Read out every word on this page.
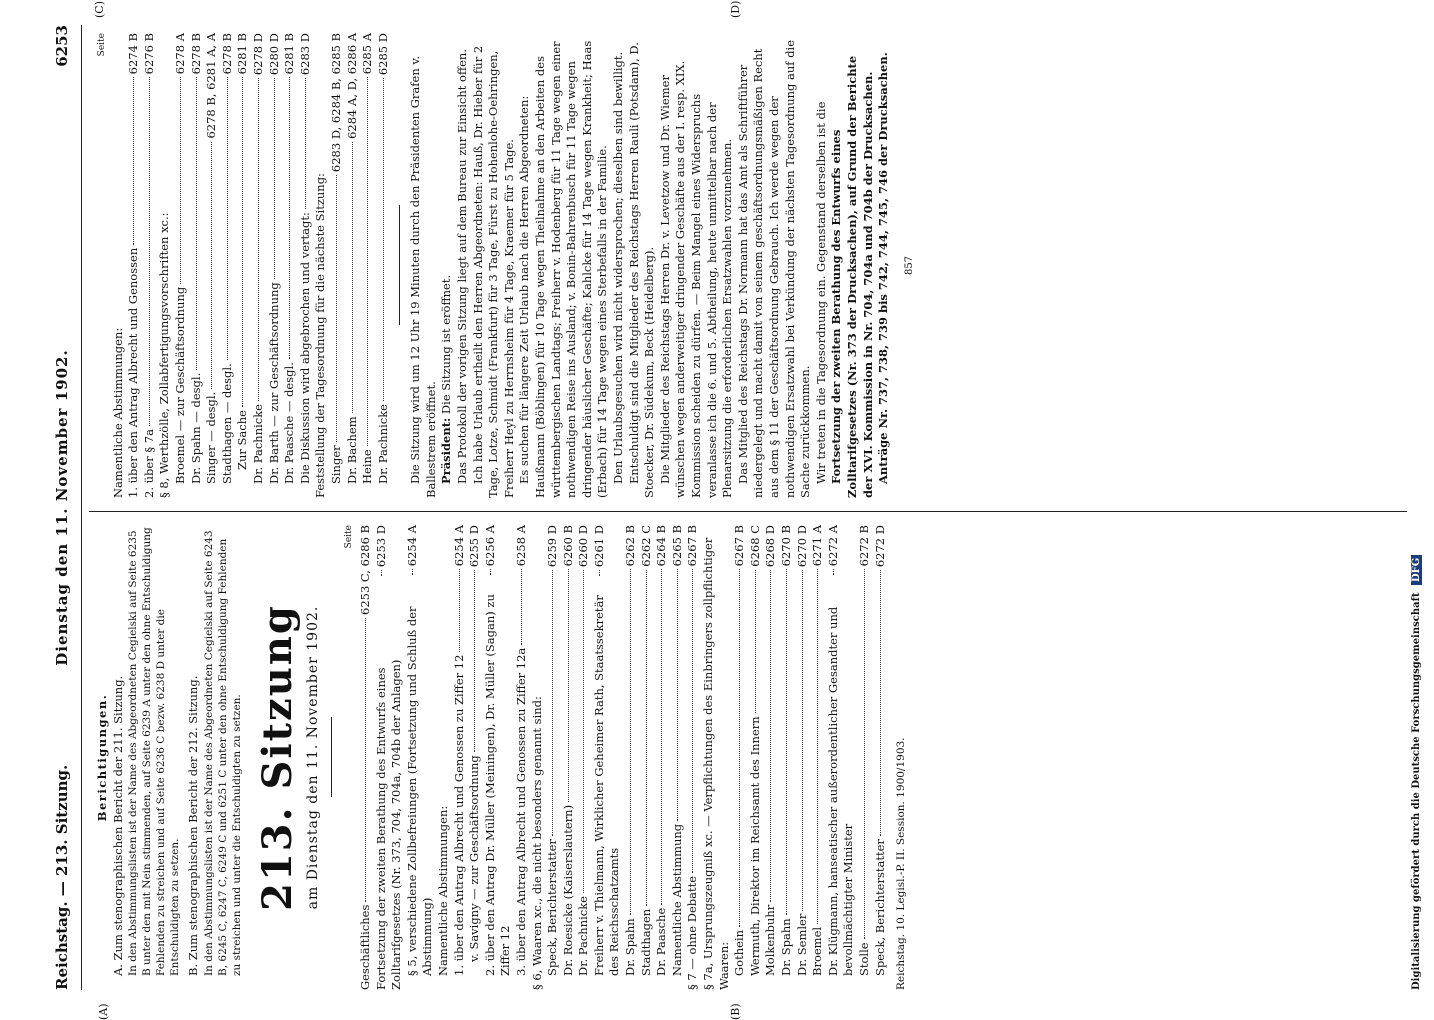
Reichstag. — 213. Sitzung.
Dienstag den 11. November 1902.
6253
(A)	(B)
(C)	(D)

Berichtigungen. A. Zum stenographischen Bericht der 211. Sitzung. In den Abstimmungslisten ist der Name des Abgeordneten Cegielski auf Seite 6235 B unter den mit Nein stimmenden, auf Seite 6239 A unter den ohne Entschuldigung Fehlenden zu streichen und auf Seite 6236 C bezw. 6238 D unter die Entschuldigten zu setzen. B. Zum stenographischen Bericht der 212. Sitzung. In den Abstimmungslisten ist der Name des Abgeordneten Cegielski auf Seite 6243 B, 6245 C, 6247 C, 6249 C und 6251 C unter den ohne Entschuldigung Fehlenden zu streichen und unter die Entschuldigten zu setzen. 213. Sitzung am Dienstag den 11. November 1902.

Seite

Geschäftliches
6253 C, 6286 B
Fortsetzung der zweiten Berathung des Entwurfs eines Zolltarifgesetzes (Nr. 373, 704, 704a, 704b der Anlagen)
6253 D
§ 5, verschiedene Zollbefreiungen (Fortsetzung und Schluß der Abstimmung)
6254 A
Namentliche Abstimmungen: 1. über den Antrag Albrecht und Genossen zu Ziffer 12
6254 A
v. Savigny — zur Geschäftsordnung
6255 D
2. über den Antrag Dr. Müller (Meiningen), Dr. Müller (Sagan) zu Ziffer 12
6256 A
3. über den Antrag Albrecht und Genossen zu Ziffer 12a
6258 A
§ 6, Waaren xc., die nicht besonders genannt sind: Speck, Berichterstatter
6259 D
Dr. Roesicke (Kaiserslautern)
6260 B
Dr. Pachnicke
6260 D
Freiherr v. Thielmann, Wirklicher Geheimer Rath, Staatssekretär des Reichsschatzamts
6261 D
Dr. Spahn
6262 B
Stadthagen
6262 C
Dr. Paasche
6264 B
Namentliche Abstimmung
6265 B
§ 7 — ohne Debatte
6267 B § 7a, Ursprungszeugniß xc. — Verpflichtungen des Einbringers zollpflichtiger Waaren: Gothein
6267 B
Wermuth, Direktor im Reichsamt des Innern
6268 C
Molkenbuhr
6268 D
Dr. Spahn
6270 B
Dr. Semler
6270 D
Broemel
6271 A
Dr. Klügmann, hanseatischer außerordentlicher Gesandter und bevollmächtigter Minister
6272 A
Stolle
6272 B
Speck, Berichterstatter
6272 D

Reichstag. 10. Legisl.-P. II. Session. 1900/1903.

Seite

Namentliche Abstimmungen: 1. über den Antrag Albrecht und Genossen
6274 B
2. über § 7a
6276 B
§ 8, Werthzölle, Zollabfertigungsvorschriften xc.: Broemel — zur Geschäftsordnung
6278 A
Dr. Spahn — desgl.
6278 B
Singer — desgl.
6278 B, 6281 A, A
Stadthagen — desgl.
6278 B
Zur Sache
6281 B
Dr. Pachnicke
6278 D
Dr. Barth — zur Geschäftsordnung
6280 D
Dr. Paasche — desgl.
6281 B
Die Diskussion wird abgebrochen und vertagt:
6283 D
Feststellung der Tagesordnung für die nächste Sitzung: Singer
6283 D, 6284 B, 6285 B
Dr. Bachem
6284 A, D, 6286 A
Heine
6285 A
Dr. Pachnicke
6285 D

Die Sitzung wird um 12 Uhr 19 Minuten durch den Präsidenten Grafen v. Ballestrem eröffnet. Präsident: Die Sitzung ist eröffnet. Das Protokoll der vorigen Sitzung liegt auf dem Bureau zur Einsicht offen. Ich habe Urlaub ertheilt den Herren Abgeordneten: Hauß, Dr. Hieber für 2 Tage, Lotze, Schmidt (Frankfurt) für 3 Tage, Fürst zu Hohenlohe-Oehringen, Freiherr Heyl zu Herrnsheim für 4 Tage, Kraemer für 5 Tage. Es suchen für längere Zeit Urlaub nach die Herren Abgeordneten: Haußmann (Böblingen) für 10 Tage wegen Theilnahme an den Arbeiten des württembergischen Landtags; Freiherr v. Hodenberg für 11 Tage wegen einer nothwendigen Reise ins Ausland; v. Bonin-Bahrenbusch für 11 Tage wegen dringender häuslicher Geschäfte; Kahlcke für 14 Tage wegen Krankheit; Haas (Erbach) für 14 Tage wegen eines Sterbefalls in der Familie. Den Urlaubsgesuchen wird nicht widersprochen; dieselben sind bewilligt. Entschuldigt sind die Mitglieder des Reichstags Herren Rauli (Potsdam), D. Stoecker, Dr. Südekum, Beck (Heidelberg). Die Mitglieder des Reichstags Herren Dr. v. Levetzow und Dr. Wiemer wünschen wegen anderweitiger dringender Geschäfte aus der I. resp. XIX. Kommission scheiden zu dürfen. — Beim Mangel eines Widerspruchs veranlasse ich die 6. und 5. Abtheilung, heute unmittelbar nach der Plenarsitzung die erforderlichen Ersatzwahlen vorzunehmen. Das Mitglied des Reichstags Dr. Normann hat das Amt als Schriftführer niedergelegt und macht damit von seinem geschäftsordnungsmäßigen Recht aus dem § 11 der Geschäftsordnung Gebrauch. Ich werde wegen der nothwendigen Ersatzwahl bei Verkündung der nächsten Tagesordnung auf die Sache zurückkommen. Wir treten in die Tagesordnung ein. Gegenstand derselben ist die Fortsetzung der zweiten Berathung des Entwurfs eines Zolltarifgesetzes (Nr. 373 der Drucksachen), auf Grund der Berichte der XVI. Kommission in Nr. 704, 704a und 704b der Drucksachen. Anträge Nr. 737, 738, 739 bis 742, 744, 745, 746 der Drucksachen. 857

Digitalisierung gefördert durch die Deutsche Forschungsgemeinschaft DFG
